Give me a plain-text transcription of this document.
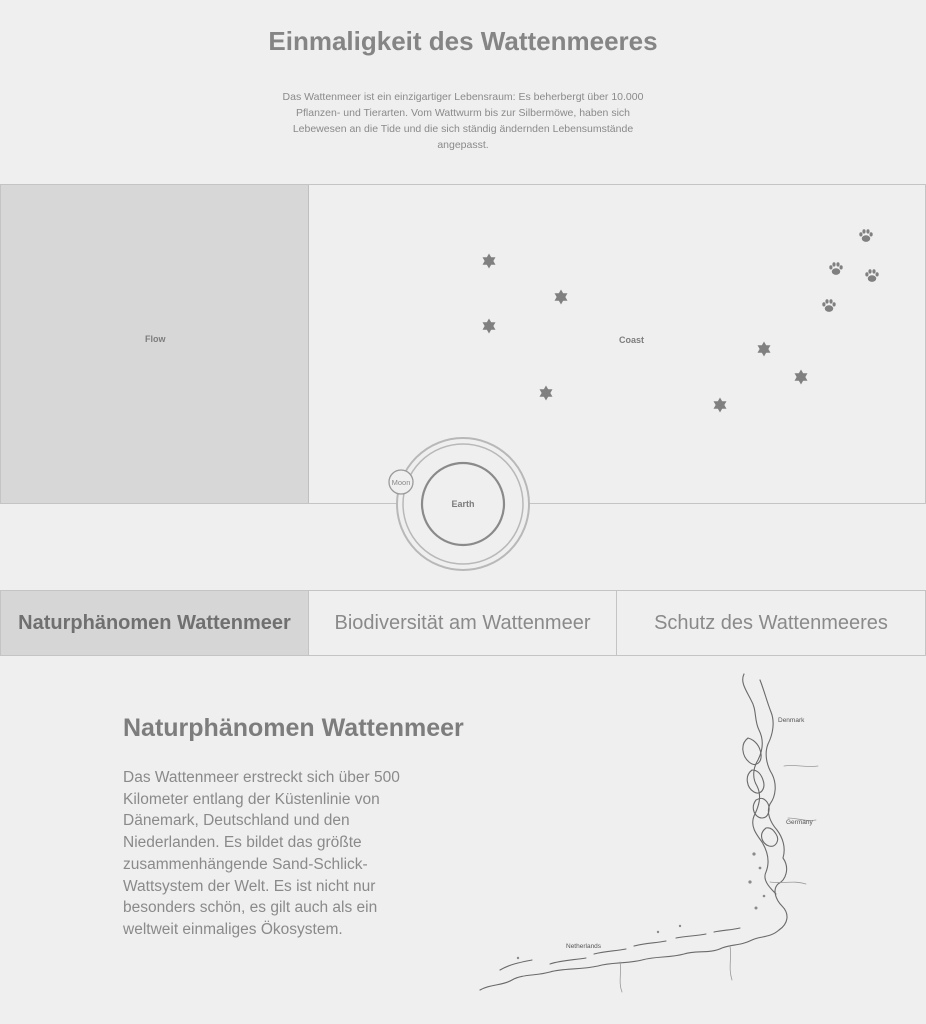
Einmaligkeit des Wattenmeeres
Das Wattenmeer ist ein einzigartiger Lebensraum: Es beherbergt über 10.000 Pflanzen- und Tierarten. Vom Wattwurm bis zur Silbermöwe, haben sich Lebewesen an die Tide und die sich ständig ändernden Lebensumstände angepasst.
Flow	Coast
Earth
Moon
Naturphänomen Wattenmeer	Biodiversität am Wattenmeer	Schutz des Wattenmeeres
Naturphänomen Wattenmeer
Das Wattenmeer erstreckt sich über 500 Kilometer entlang der Küstenlinie von Dänemark, Deutschland und den Niederlanden. Es bildet das größte zusammenhängende Sand-Schlick-Wattsystem der Welt. Es ist nicht nur besonders schön, es gilt auch als ein weltweit einmaliges Ökosystem.
Denmark
Germany
Netherlands
